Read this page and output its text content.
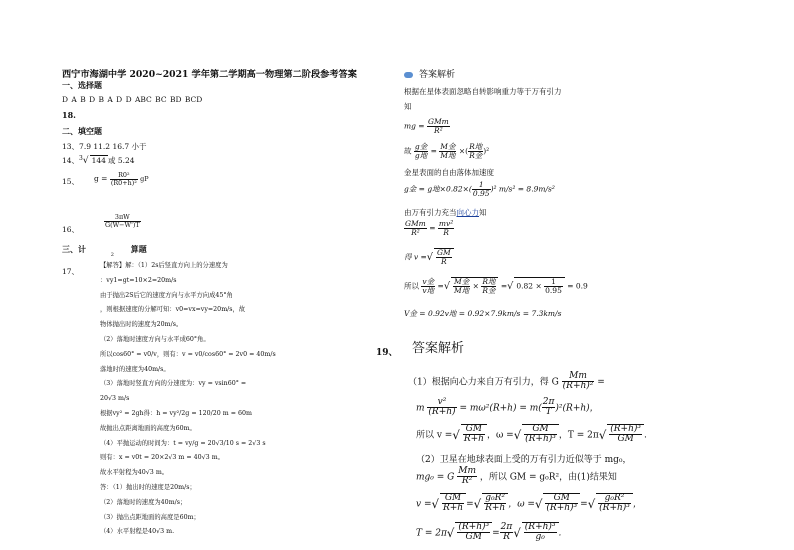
西宁市海湖中学 2020~2021 学年第二学期高一物理第二阶段参考答案
一、选择题
D A B D B A D D ABC BC BD BCD
18.
二、填空题
13、7.9 11.2 16.7 小于
14、$^3$√ 144 或 5.24
15、 $g = \frac{\text{R0²}}{\text{(R0+h)²}}$ gP
16、
$\frac{3\pi W}{G(W-W')T}$
三、计 $_2$ 算题
17、
【解答】解：（1）2s后竖直方向上的分速度为
：vy1=gt=10×2=20m/s
由于抛出2S后它的速度方向与水平方向成45°角
，则根据速度的分解可知：v0=vx=vy=20m/s，故
物体抛出时的速度为20m/s。
（2）落地时速度方向与水平成60°角。
所以cos60° = v0/v，则有：v = v0/cos60° = 2v0 = 40m/s
落地时的速度为40m/s。
（3）落地时竖直方向的分速度为：vy = vsin60° =
20√3 m/s
根据vy² = 2gh得：h = vy²/2g = 120/20 m = 60m
故抛出点距离地面的高度为60m。
（4）平抛运动的时间为：t = vy/g = 20√3/10 s = 2√3 s
则有：x = v0t = 20×2√3 m = 40√3 m。
故水平射程为40√3 m。
答：（1）抛出时的速度是20m/s；
（2）落地时的速度为40m/s；
（3）抛出点距地面的高度是60m；
（4）水平射程是40√3 m.
答案解析
根据在星体表面忽略自转影响重力等于万有引力
知
mg = $\frac{\text{GMm}}{\text{R²}}$
故 $\frac{\text{g金}}{\text{g地}} = \frac{\text{M金}}{\text{M地}}$ ×( $\frac{\text{R地}}{\text{R金}} )^2$
金星表面的自由落体加速度
g金 = g地$\times 0.82\times( \frac{1}{0.95} )^2$ m/s² = 8.9m/s²
由万有引力充当向心力知
$\frac{\text{GMm}}{\text{R²}} = \frac{\text{mv²}}{R}$
得 v =√ $\frac{GM}{R}$
所以 $\frac{\text{v金}}{\text{v地}}$ =√ $\frac{\text{M金}}{\text{M地}} \times \frac{\text{R地}}{\text{R金}}$ =√ $0.82 \times \frac{1}{0.95} = 0.9$
V金 = 0.92v地 = 0.92×7.9km/s = 7.3km/s
19、 答案解析
（1）根据向心力来自万有引力，得 G $\frac{Mm}{\text{(R+h)²}}$ =
m $\frac{\text{v²}}{(R+h)} = m\omega^2(R+h) = m( \frac{2\pi}{T} )^2(R+h)$，
所以 v =√ $\frac{GM}{R+h}$ ，ω =√ $\frac{GM}{\text{(R+h)³}}$ ，$T = 2\pi√ \frac{\text{(R+h)³}}{GM}$ .
（2）卫星在地球表面上受的万有引力近似等于 mg₀，
mg₀ = G $\frac{Mm}{\text{R²}}$ ，所以 GM = g₀R²，由(1)结果知
v =√ $\frac{GM}{R+h}$ =√ $\frac{\text{g₀R²}}{R+h}$ ，ω =√ $\frac{GM}{\text{(R+h)³}}$ =√ $\frac{\text{g₀R²}}{\text{(R+h)³}}$ ，
$T = 2\pi√ \frac{\text{(R+h)³}}{GM} = \frac{2\pi}{R}$ √ $\frac{\text{(R+h)³}}{\text{g₀}}$ .
